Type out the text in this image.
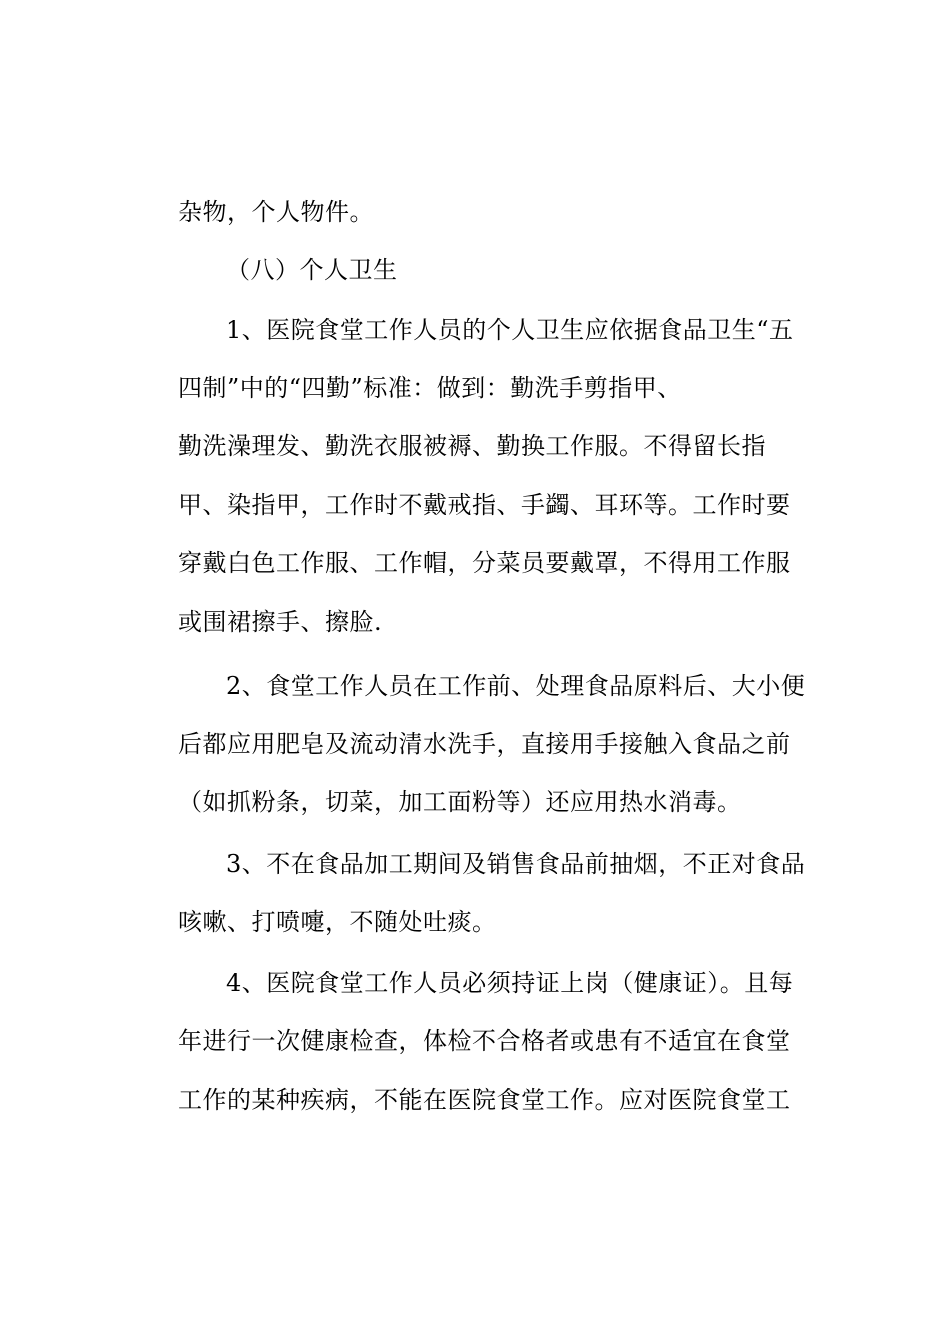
杂物，个人物件。
（八）个人卫生
1、医院食堂工作人员的个人卫生应依据食品卫生“五
四制”中的“四勤”标准：做到：勤洗手剪指甲、
勤洗澡理发、勤洗衣服被褥、勤换工作服。不得留长指
甲、染指甲，工作时不戴戒指、手蠲、耳环等。工作时要
穿戴白色工作服、工作帽，分菜员要戴罩，不得用工作服
或围裙擦手、擦脸.
2、食堂工作人员在工作前、处理食品原料后、大小便
后都应用肥皂及流动清水洗手，直接用手接触入食品之前
（如抓粉条，切菜，加工面粉等）还应用热水消毒。
3、不在食品加工期间及销售食品前抽烟，不正对食品
咳嗽、打喷嚏，不随处吐痰。
4、医院食堂工作人员必须持证上岗（健康证）。且每
年进行一次健康检查，体检不合格者或患有不适宜在食堂
工作的某种疾病，不能在医院食堂工作。应对医院食堂工
